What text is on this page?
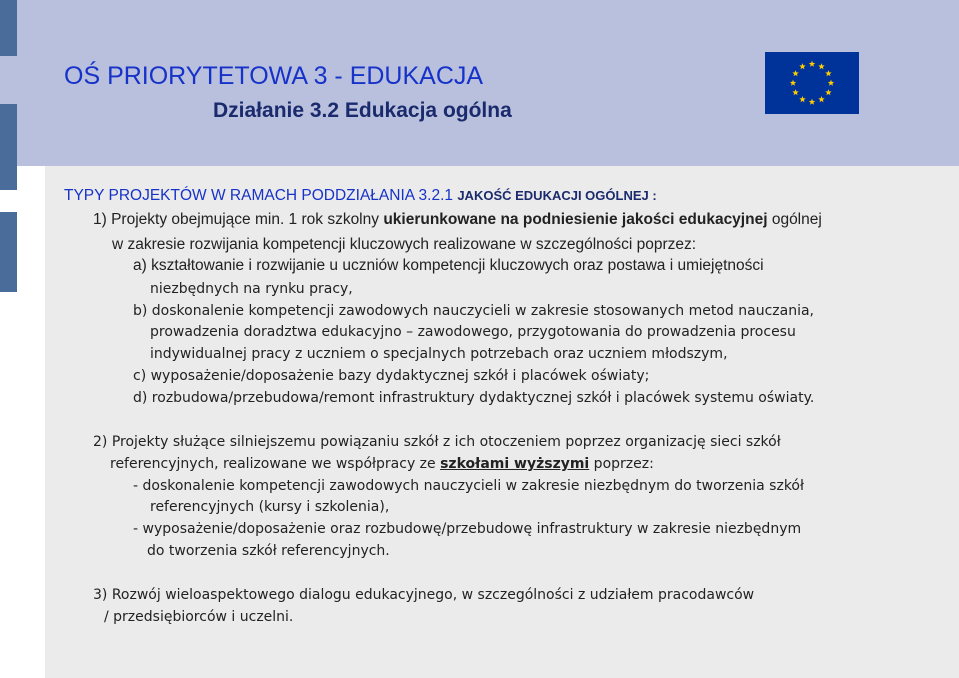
OŚ PRIORYTETOWA 3 - EDUKACJA
Działanie 3.2 Edukacja ogólna
TYPY PROJEKTÓW W RAMACH PODDZIAŁANIA 3.2.1 JAKOŚĆ EDUKACJI OGÓLNEJ :
1) Projekty obejmujące min. 1 rok szkolny ukierunkowane na podniesienie jakości edukacyjnej ogólnej
w zakresie rozwijania kompetencji kluczowych realizowane w szczególności poprzez:
a) kształtowanie i rozwijanie u uczniów kompetencji kluczowych oraz postawa i umiejętności
niezbędnych na rynku pracy,
b) doskonalenie kompetencji zawodowych nauczycieli w zakresie stosowanych metod nauczania,
prowadzenia doradztwa edukacyjno – zawodowego, przygotowania do prowadzenia procesu
indywidualnej pracy z uczniem o specjalnych potrzebach oraz uczniem młodszym,
c) wyposażenie/doposażenie bazy dydaktycznej szkół i placówek oświaty;
d) rozbudowa/przebudowa/remont infrastruktury dydaktycznej szkół i placówek systemu oświaty.
2) Projekty służące silniejszemu powiązaniu szkół z ich otoczeniem poprzez organizację sieci szkół
referencyjnych, realizowane we współpracy ze szkołami wyższymi poprzez:
- doskonalenie kompetencji zawodowych nauczycieli w zakresie niezbędnym do tworzenia szkół
referencyjnych (kursy i szkolenia),
- wyposażenie/doposażenie oraz rozbudowę/przebudowę infrastruktury w zakresie niezbędnym
do tworzenia szkół referencyjnych.
3) Rozwój wieloaspektowego dialogu edukacyjnego, w szczególności z udziałem pracodawców
/ przedsiębiorców i uczelni.
